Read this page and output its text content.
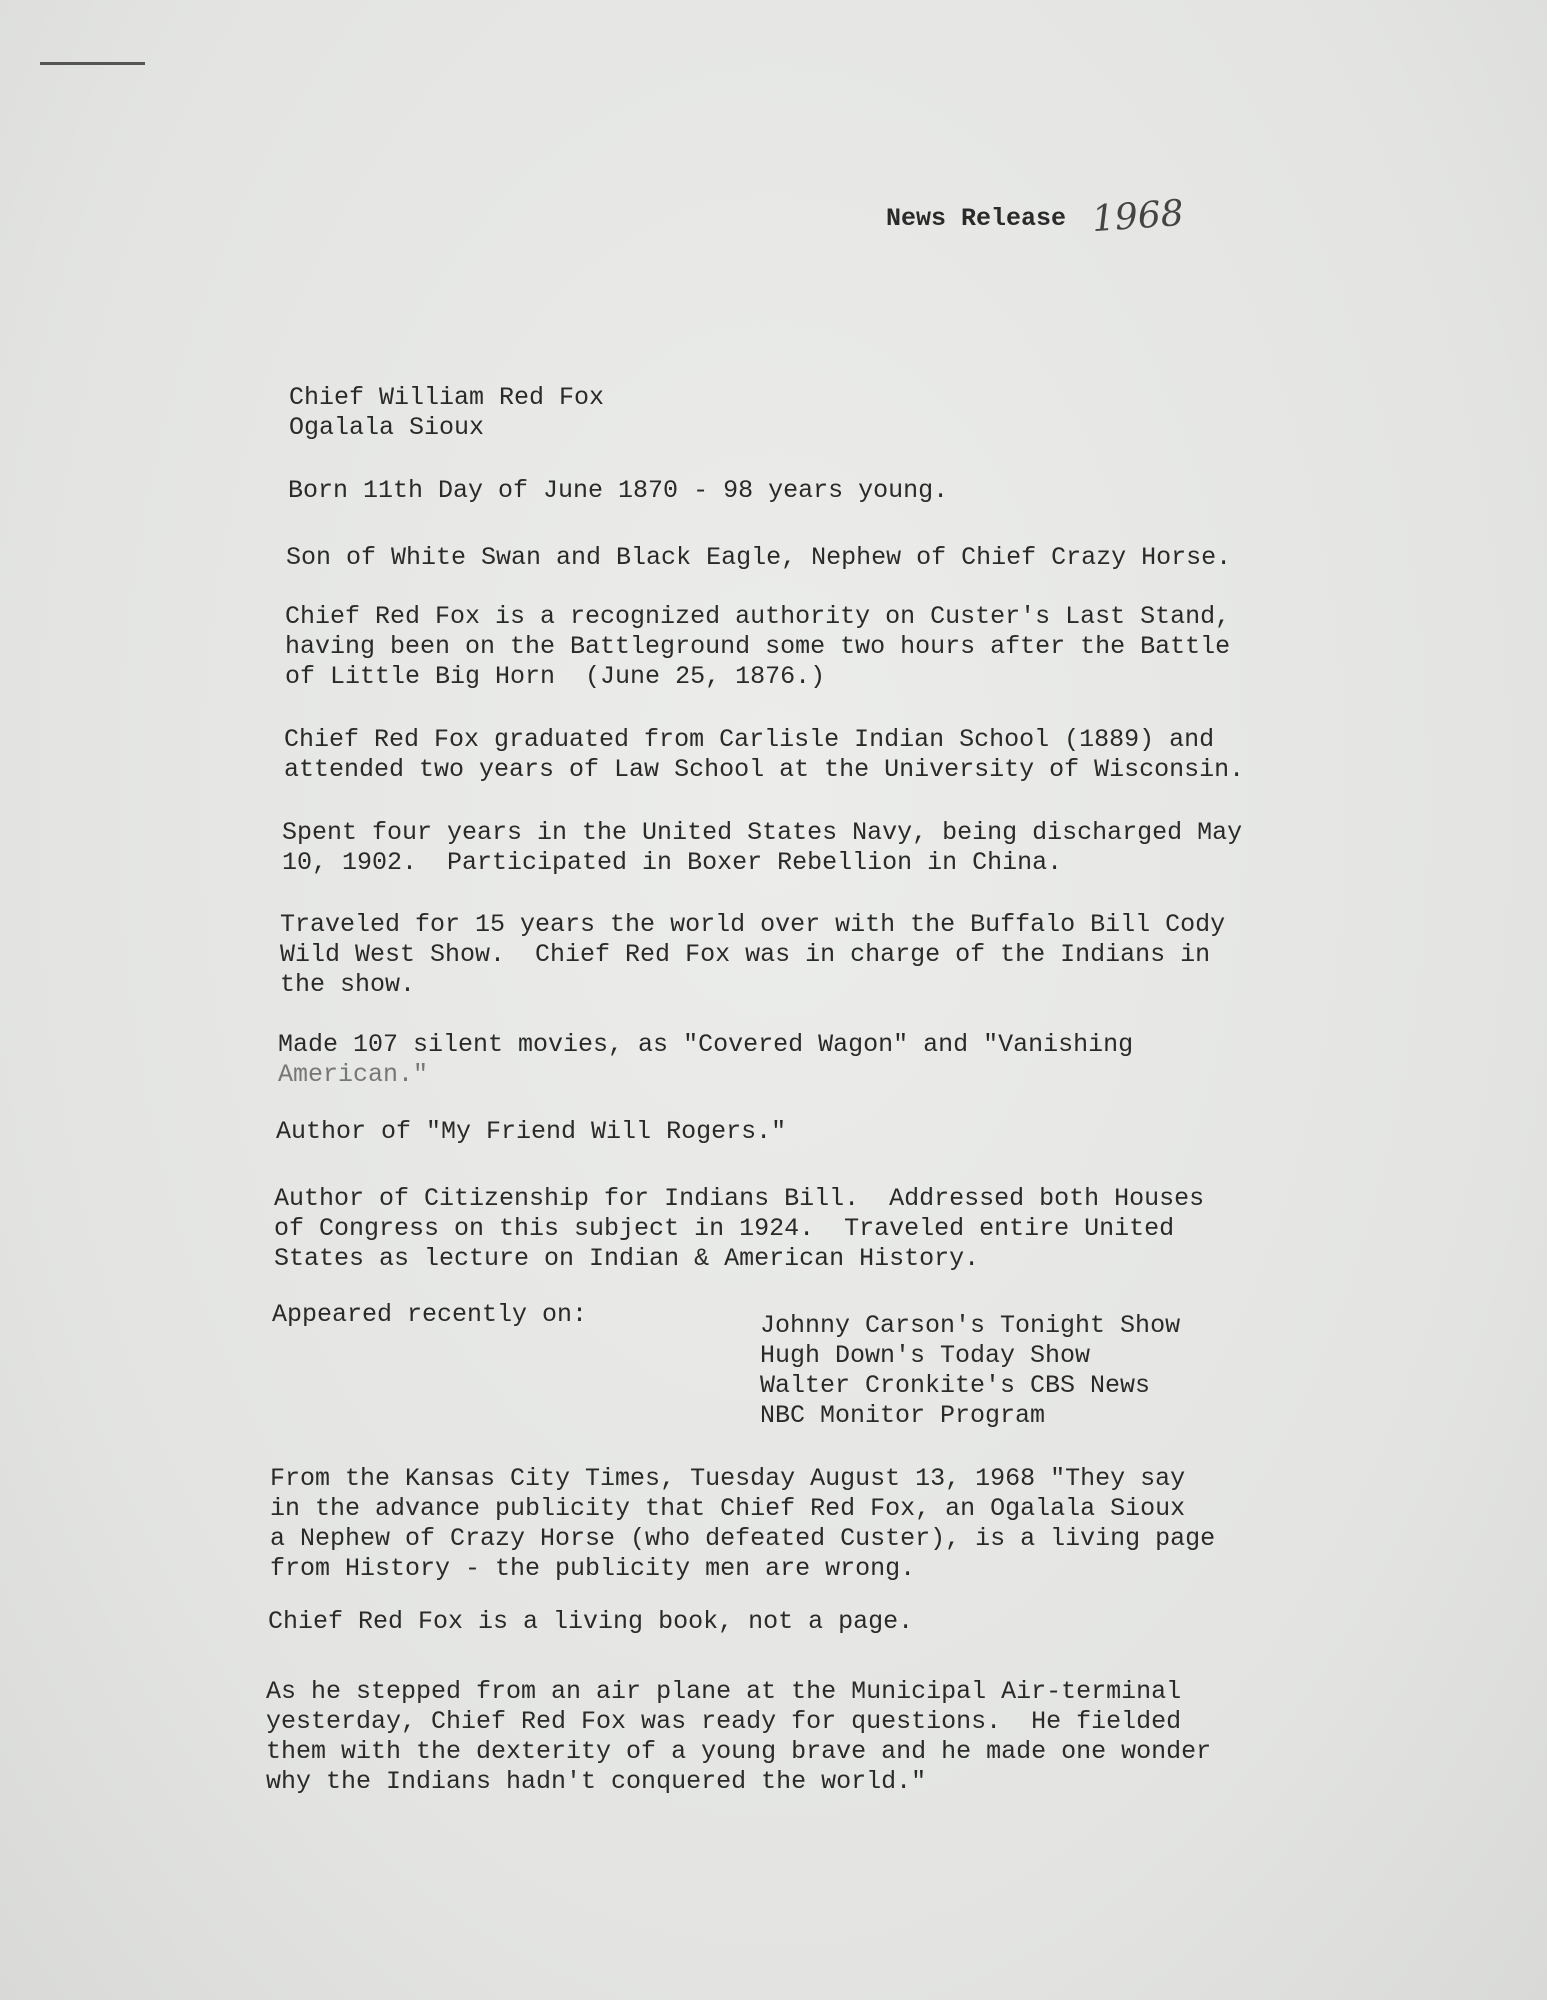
News Release 1968
Chief William Red Fox
Ogalala Sioux
Born 11th Day of June 1870 - 98 years young.
Son of White Swan and Black Eagle, Nephew of Chief Crazy Horse.
Chief Red Fox is a recognized authority on Custer's Last Stand,
having been on the Battleground some two hours after the Battle
of Little Big Horn  (June 25, 1876.)
Chief Red Fox graduated from Carlisle Indian School (1889) and
attended two years of Law School at the University of Wisconsin.
Spent four years in the United States Navy, being discharged May
10, 1902.  Participated in Boxer Rebellion in China.
Traveled for 15 years the world over with the Buffalo Bill Cody
Wild West Show.  Chief Red Fox was in charge of the Indians in
the show.
Made 107 silent movies, as "Covered Wagon" and "Vanishing
American."
Author of "My Friend Will Rogers."
Author of Citizenship for Indians Bill.  Addressed both Houses
of Congress on this subject in 1924.  Traveled entire United
States as lecture on Indian & American History.
Appeared recently on:	Johnny Carson's Tonight Show
Hugh Down's Today Show
Walter Cronkite's CBS News
NBC Monitor Program
From the Kansas City Times, Tuesday August 13, 1968 "They say
in the advance publicity that Chief Red Fox, an Ogalala Sioux
a Nephew of Crazy Horse (who defeated Custer), is a living page
from History - the publicity men are wrong.
Chief Red Fox is a living book, not a page.
As he stepped from an air plane at the Municipal Air-terminal
yesterday, Chief Red Fox was ready for questions.  He fielded
them with the dexterity of a young brave and he made one wonder
why the Indians hadn't conquered the world."
